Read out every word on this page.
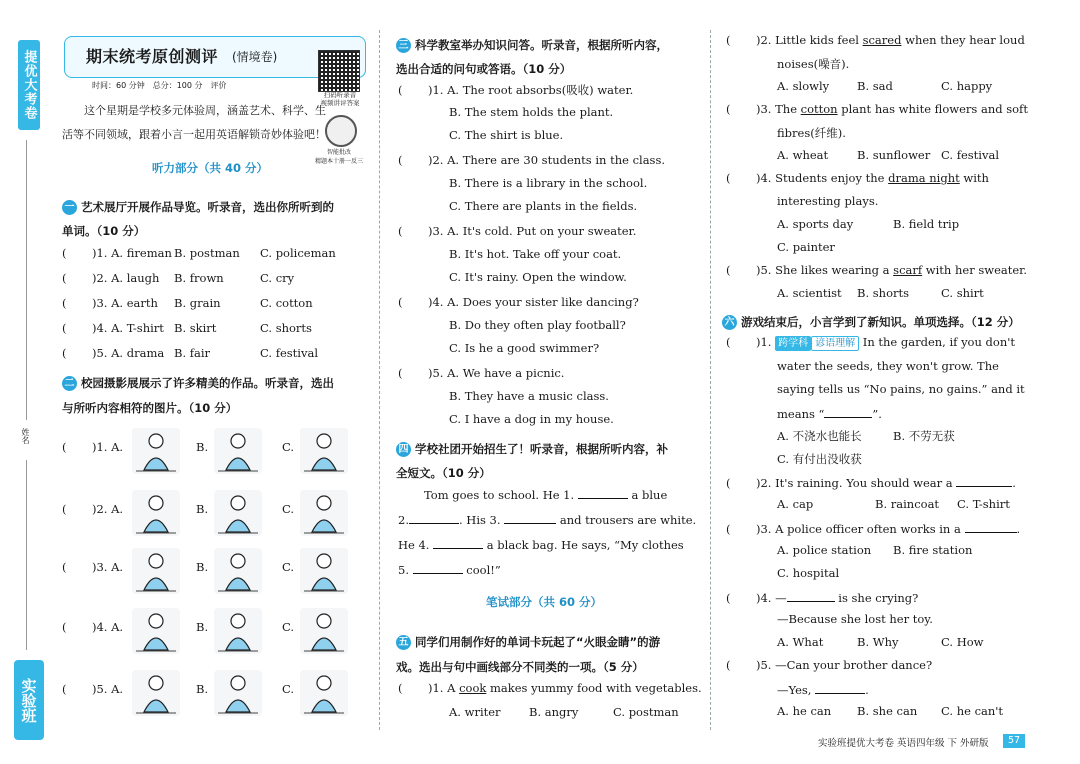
提优大考卷
姓名
实验班
期末统考原创测评 (情境卷)
时间：60 分钟　总分：100 分　评价
扫码听录音
视频讲评答案
智能批改
精题本十册一反三
这个星期是学校多元体验周，涵盖艺术、科学、生
活等不同领域，跟着小言一起用英语解锁奇妙体验吧！
听力部分（共 40 分）
一 艺术展厅开展作品导览。听录音，选出你所听到的
单词。（10 分）
二 校园摄影展展示了许多精美的作品。听录音，选出
与所听内容相符的图片。（10 分）
三 科学教室举办知识问答。听录音，根据所听内容，
选出合适的问句或答语。（10 分）
四 学校社团开始招生了！听录音，根据所听内容，补
全短文。（10 分）
Tom goes to school. He 1.	a blue
2.	. His 3.	and trousers are white.
He 4.	a black bag. He says, “My clothes
5.	cool!”
笔试部分（共 60 分）
五 同学们用制作好的单词卡玩起了“火眼金睛”的游
戏。选出与句中画线部分不同类的一项。（5 分）
( )1. A cook makes yummy food with vegetables.
A. writer B. angry	C. postman
六 游戏结束后，小言学到了新知识。单项选择。（12 分）
( )1. 跨学科 谚语理解 In the garden, if you don't
water the seeds, they won't grow. The
saying tells us “No pains, no gains.” and it
means “	”.
A. 不浇水也能长	B. 不劳无获
C. 有付出没收获
( )2. It's raining. You should wear a	.
A. cap	B. raincoat C. T-shirt
( )3. A police officer often works in a	.
A. police station B. fire station
C. hospital
( )4. —	is she crying?
—Because she lost her toy.
A. What	B. Why	C. How
( )5. —Can your brother dance?
—Yes,	.
A. he can B. she can C. he can't
实验班提优大考卷 英语四年级 下 外研版	57
( )1. A. fireman B. postman C. policeman
( )2. A. laugh B. frown	C. cry
( )3. A. earth B. grain	C. cotton
( )4. A. T-shirt B. skirt	C. shorts
( )5. A. drama B. fair	C. festival
( )1. A.	B.	C.
( )2. A.	B.	C.
( )3. A.	B.	C.
( )4. A.	B.	C.
( )5. A.	B.	C.
( )1. A. The root absorbs(吸收) water.
B. The stem holds the plant.
C. The shirt is blue.
( )2. A. There are 30 students in the class.
B. There is a library in the school.
C. There are plants in the fields.
( )3. A. It's cold. Put on your sweater.
B. It's hot. Take off your coat.
C. It's rainy. Open the window.
( )4. A. Does your sister like dancing?
B. Do they often play football?
C. Is he a good swimmer?
( )5. A. We have a picnic.
B. They have a music class.
C. I have a dog in my house.
( )2. Little kids feel scared when they hear loud
noises(噪音).
A. slowly B. sad	C. happy
( )3. The cotton plant has white flowers and soft
fibres(纤维).
A. wheat	B. sunflower C. festival
( )4. Students enjoy the drama night with
interesting plays.
A. sports day	B. field trip
C. painter
( )5. She likes wearing a scarf with her sweater.
A. scientist B. shorts	C. shirt
